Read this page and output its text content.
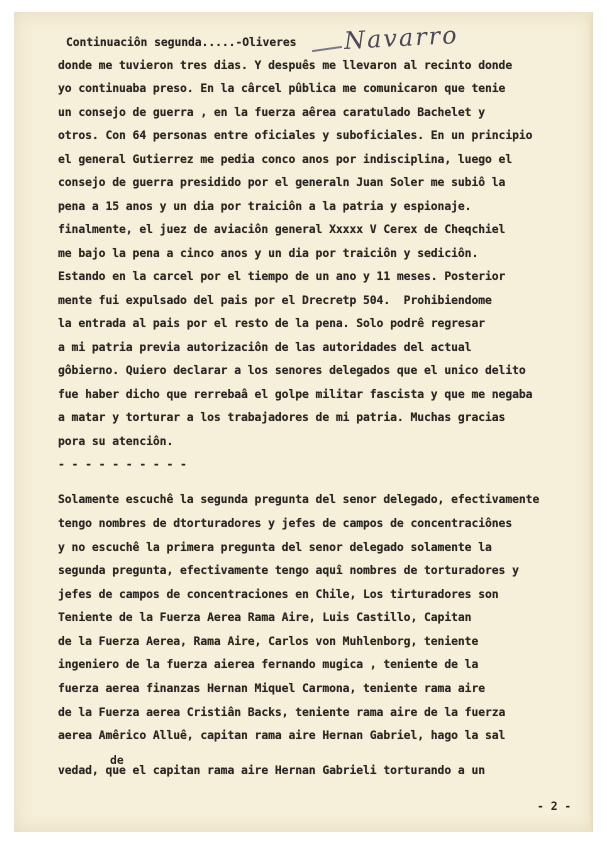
Navarro
Continuaciôn segunda.....-Oliveres
donde me tuvieron tres dias. Y despuês me llevaron al recinto donde
yo continuaba preso. En la cârcel pûblica me comunicaron que tenie
un consejo de guerra , en la fuerza aêrea caratulado Bachelet y
otros. Con 64 personas entre oficiales y suboficiales. En un principio
el general Gutierrez me pedia conco anos por indisciplina, luego el
consejo de guerra presidido por el generaln Juan Soler me subiô la
pena a 15 anos y un dia por traiciôn a la patria y espionaje.
finalmente, el juez de aviaciôn general Xxxxx V Cerex de Cheqchiel
me bajo la pena a cinco anos y un dia por traiciôn y sediciôn.
Estando en la carcel por el tiempo de un ano y 11 meses. Posterior
mente fui expulsado del pais por el Drecretp 504.  Prohibiendome
la entrada al pais por el resto de la pena. Solo podrê regresar
a mi patria previa autorizaciôn de las autoridades del actual
gôbierno. Quiero declarar a los senores delegados que el unico delito
fue haber dicho que rerrebaâ el golpe militar fascista y que me negaba
a matar y torturar a los trabajadores de mi patria. Muchas gracias
pora su atenciôn.
- - - - - - - - - -
Solamente escuchê la segunda pregunta del senor delegado, efectivamente
tengo nombres de dtorturadores y jefes de campos de concentraciônes
y no escuchê la primera pregunta del senor delegado solamente la
segunda pregunta, efectivamente tengo aquî nombres de torturadores y
jefes de campos de concentraciones en Chile, Los tirturadores son
Teniente de la Fuerza Aerea Rama Aire, Luis Castillo, Capitan
de la Fuerza Aerea, Rama Aire, Carlos von Muhlenborg, teniente
ingeniero de la fuerza aierea fernando mugica , teniente de la
fuerza aerea finanzas Hernan Miquel Carmona, teniente rama aire
de la Fuerza aerea Cristiân Backs, teniente rama aire de la fuerza
aerea Amêrico Alluê, capitan rama aire Hernan Gabriel, hago la sal
de
vedad, que el capitan rama aire Hernan Gabrieli torturando a un
- 2 -
